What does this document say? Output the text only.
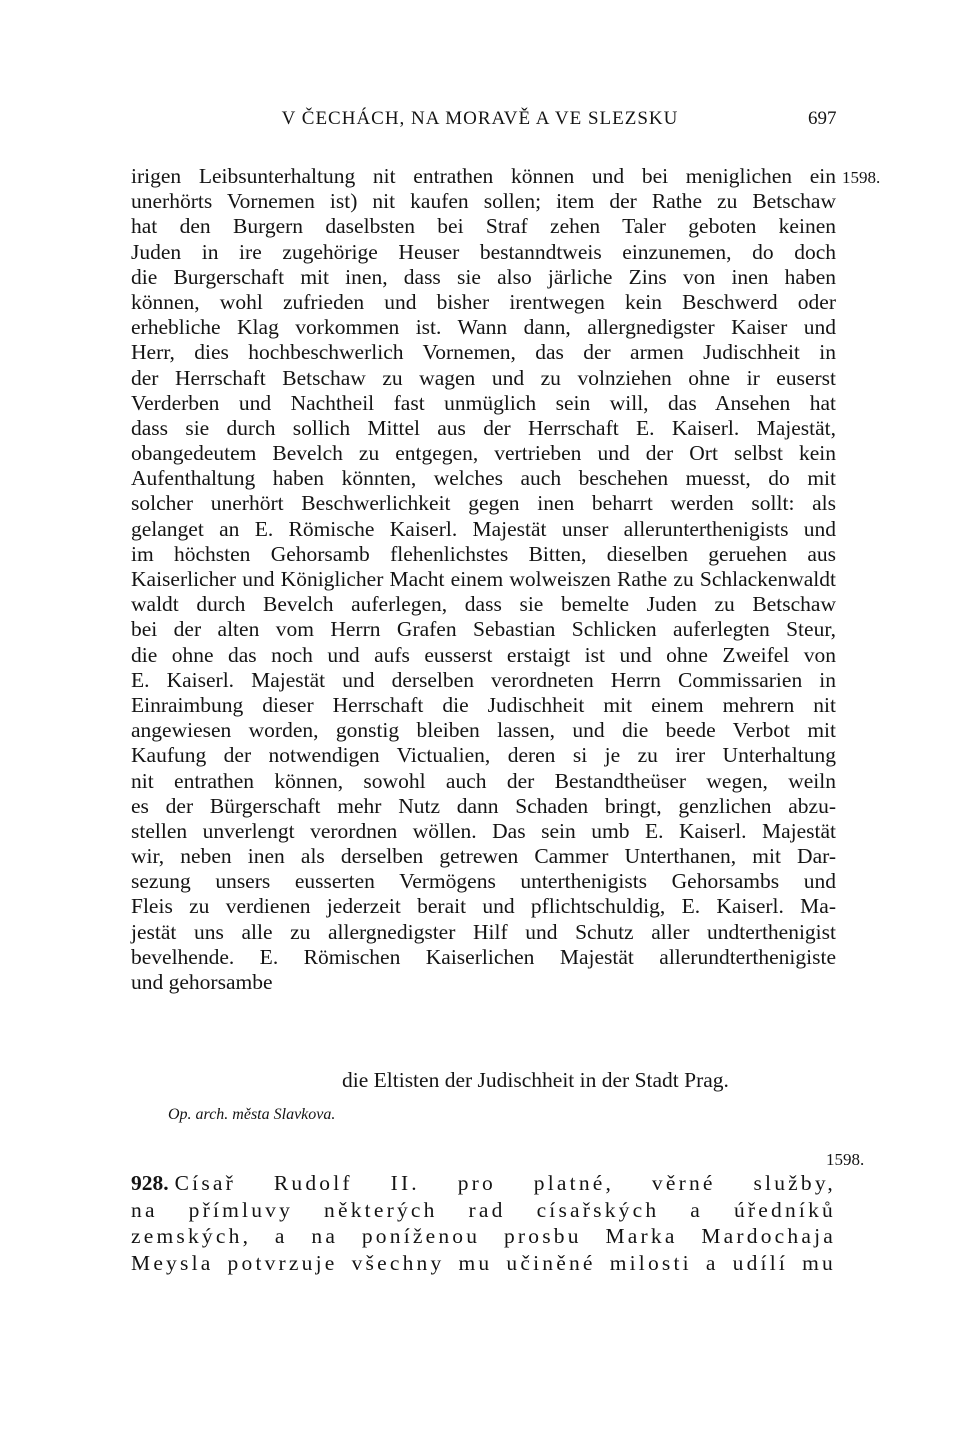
V ČECHÁCH, NA MORAVĚ A VE SLEZSKU	697
1598.
irigen Leibsunterhaltung nit entrathen können und bei meniglichen ein
unerhörts Vornemen ist) nit kaufen sollen; item der Rathe zu Betschaw
hat den Burgern daselbsten bei Straf zehen Taler geboten keinen
Juden in ire zugehörige Heuser bestanndtweis einzunemen, do doch
die Burgerschaft mit inen, dass sie also järliche Zins von inen haben
können, wohl zufrieden und bisher irentwegen kein Beschwerd oder
erhebliche Klag vorkommen ist. Wann dann, allergnedigster Kaiser und
Herr, dies hochbeschwerlich Vornemen, das der armen Judischheit in
der Herrschaft Betschaw zu wagen und zu volnziehen ohne ir euserst
Verderben und Nachtheil fast unmüglich sein will, das Ansehen hat
dass sie durch sollich Mittel aus der Herrschaft E. Kaiserl. Majestät,
obangedeutem Bevelch zu entgegen, vertrieben und der Ort selbst kein
Aufenthaltung haben könnten, welches auch beschehen muesst, do mit
solcher unerhört Beschwerlichkeit gegen inen beharrt werden sollt: als
gelanget an E. Römische Kaiserl. Majestät unser allerunterthenigists und
im höchsten Gehorsamb flehenlichstes Bitten, dieselben geruehen aus
Kaiserlicher und Königlicher Macht einem wolweiszen Rathe zu Schlackenwaldt
waldt durch Bevelch auferlegen, dass sie bemelte Juden zu Betschaw
bei der alten vom Herrn Grafen Sebastian Schlicken auferlegten Steur,
die ohne das noch und aufs eusserst erstaigt ist und ohne Zweifel von
E. Kaiserl. Majestät und derselben verordneten Herrn Commissarien in
Einraimbung dieser Herrschaft die Judischheit mit einem mehrern nit
angewiesen worden, gonstig bleiben lassen, und die beede Verbot mit
Kaufung der notwendigen Victualien, deren si je zu irer Unterhaltung
nit entrathen können, sowohl auch der Bestandtheüser wegen, weiln
es der Bürgerschaft mehr Nutz dann Schaden bringt, genzlichen abzu-
stellen unverlengt verordnen wöllen. Das sein umb E. Kaiserl. Majestät
wir, neben inen als derselben getrewen Cammer Unterthanen, mit Dar-
sezung unsers eusserten Vermögens unterthenigists Gehorsambs und
Fleis zu verdienen jederzeit berait und pflichtschuldig, E. Kaiserl. Ma-
jestät uns alle zu allergnedigster Hilf und Schutz aller undterthenigist
bevelhende. E. Römischen Kaiserlichen Majestät allerundterthenigiste
und gehorsambe
die Eltisten der Judischheit in der Stadt Prag.
Op. arch. města Slavkova.
1598.
928. Císař Rudolf II. pro platné, věrné služby,
na přímluvy některých rad císařských a úředníků
zemských, a na poníženou prosbu Marka Mardochaja
Meysla potvrzuje všechny mu učiněné milosti a udílí mu
